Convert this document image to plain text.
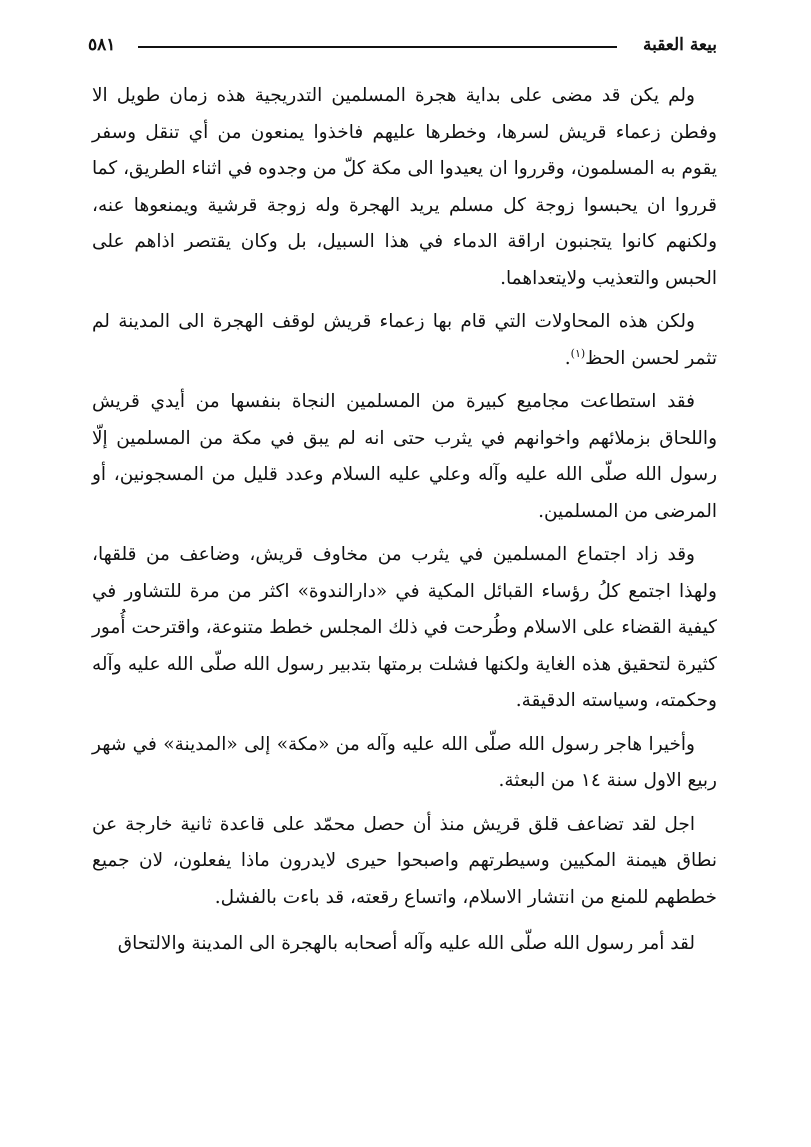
بيعة العقبة
٥٨١

ولم يكن قد مضى على بداية هجرة المسلمين التدريجية هذه زمان طويل الا وفطن زعماء قريش لسرها، وخطرها عليهم فاخذوا يمنعون من أي تنقل وسفر يقوم به المسلمون، وقرروا ان يعيدوا الى مكة كلّ من وجدوه في اثناء الطريق، كما قرروا ان يحبسوا زوجة كل مسلم يريد الهجرة وله زوجة قرشية ويمنعوها عنه، ولكنهم كانوا يتجنبون اراقة الدماء في هذا السبيل، بل وكان يقتصر اذاهم على الحبس والتعذيب ولايتعداهما.

ولكن هذه المحاولات التي قام بها زعماء قريش لوقف الهجرة الى المدينة لم تثمر لحسن الحظ$^{(١)}$.

فقد استطاعت مجاميع كبيرة من المسلمين النجاة بنفسها من أيدي قريش واللحاق بزملائهم واخوانهم في يثرب حتى انه لم يبق في مكة من المسلمين إلّا رسول الله صلّى الله عليه وآله وعلي عليه السلام وعدد قليل من المسجونين، أو المرضى من المسلمين.

وقد زاد اجتماع المسلمين في يثرب من مخاوف قريش، وضاعف من قلقها، ولهذا اجتمع كلُ رؤساء القبائل المكية في «دارالندوة» اكثر من مرة للتشاور في كيفية القضاء على الاسلام وطُرحت في ذلك المجلس خطط متنوعة، واقترحت أُمور كثيرة لتحقيق هذه الغاية ولكنها فشلت برمتها بتدبير رسول الله صلّى الله عليه وآله وحكمته، وسياسته الدقيقة.

وأخيرا هاجر رسول الله صلّى الله عليه وآله من «مكة» إلى «المدينة» في شهر ربيع الاول سنة ١٤ من البعثة.

اجل لقد تضاعف قلق قريش منذ أن حصل محمّد على قاعدة ثانية خارجة عن نطاق هيمنة المكيين وسيطرتهم واصبحوا حيرى لايدرون ماذا يفعلون، لان جميع خططهم للمنع من انتشار الاسلام، واتساع رقعته، قد باءت بالفشل.

لقد أمر رسول الله صلّى الله عليه وآله أصحابه بالهجرة الى المدينة والالتحاق
